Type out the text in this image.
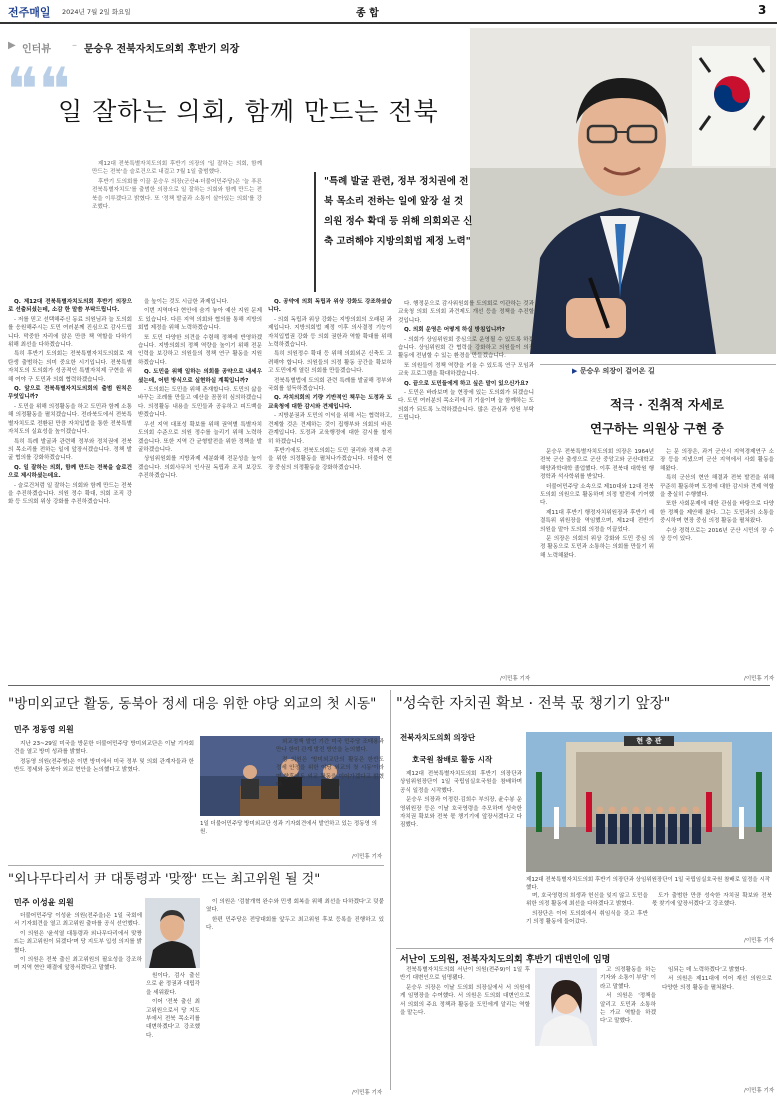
전주매일 2024년 7월 2일 화요일	종 합	3
▶ 인터뷰 – 문승우 전북자치도의회 후반기 의장
❝❝
일 잘하는 의회, 함께 만드는 전북

제12대 전북특별자치도의회 후반기 의장의 '일 잘하는 의회, 함께 만드는 전북'을 슬로건으로 내걸고 7월 1일 출범했다.

후반기 도의회를 이끌 문승우 의장(군산4·더불어민주당)은 '늘 푸른 전북특별자치도'를 출범한 의장으로 일 잘하는 의회와 함께 만드는 전북을 이루겠다고 밝혔다. 또 '정책 발굴과 소통이 살아있는 의회'를 강조했다.

"특례 발굴 관련, 정부 정치권에 전북 목소리 전하는 일에 앞장 설 것 의원 정수 확대 등 위해 의회외곤 신축 고려해야 지방의회법 제정 노력"

Q. 제12대 전북특별자치도의회 후반기 의장으로 선출되셨는데, 소감 한 말씀 부탁드립니다.

- 저를 믿고 선택해주신 동료 의원님과 늘 도의회를 응원해주시는 도민 여러분께 진심으로 감사드립니다. 막중한 자리에 앉은 만큼 책 역할을 다하기 위해 최선을 다하겠습니다.

특히 후반기 도의회는 전북특별자치도의회로 재탄생 출범하는 의미 중요한 시기입니다. 전북특별자치도의 도의회가 성공적인 특별자치제 구현을 위해 여야 구 도민과 의회 협력하겠습니다.

Q. 앞으로 전북특별자치도의회의 출범 원칙은 무엇입니까?

- 도민을 위해 의정활동을 하고 도민과 함께 소통해 의정활동을 펼치겠습니다. 전라북도에서 전북특별자치도로 전환된 만큼 자치입법을 통한 전북특별자치도의 실효성을 높이겠습니다.

특히 특례 발굴과 관련해 정부와 정치권에 전북의 목소리를 전하는 일에 앞장서겠습니다. 정책 발굴 협의를 강화하겠습니다.

Q. 일 잘하는 의회, 함께 만드는 전북을 슬로건으로 제시하셨는데요.

- 슬로건처럼 일 잘하는 의회와 함께 만드는 전북을 추진하겠습니다. 의원 정수 확대, 의회 조직 강화 등 도의회 위상 강화를 추진하겠습니다.

을 높이는 것도 시급한 과제입니다.

이번 지역마다 현안에 숨겨 놓아 예산 지원 문제도 있습니다. 다른 지역 의회와 협의를 통해 지방의회법 제정을 위해 노력하겠습니다.

또 도민 다양한 의견을 수렴해 정책에 반영하겠습니다. 지방의회의 정책 역량을 높이기 위해 전문인력을 보강하고 의원들의 정책 연구 활동을 지원하겠습니다.

Q. 도민을 위해 일하는 의회를 공약으로 내세우셨는데, 어떤 방식으로 실현하실 계획입니까?

- 도의회는 도민을 위해 존재합니다. 도민의 삶을 바꾸는 조례를 만들고 예산을 꼼꼼히 심의하겠습니다. 의정활동 내용을 도민들과 공유하고 피드백을 받겠습니다.

우선 지역 대표성 확보를 위해 권역별 특별자치도의회 수준으로 의원 정수를 늘리기 위해 노력하겠습니다. 또한 지역 간 균형발전을 위한 정책을 발굴하겠습니다.

상임위원회를 지방과제 세분화해 전문성을 높이겠습니다. 의회사무처 인사권 독립과 조직 보강도 추진하겠습니다.

Q. 공약에 의회 독립과 위상 강화도 강조하셨습니다.

- 의회 독립과 위상 강화는 지방의회의 오래된 과제입니다. 지방의회법 제정 이후 의사결정 기능이 자치입법권 강화 등 의회 권한과 역할 확대를 위해 노력하겠습니다.

특히 의원정수 확대 등 위해 의회외곤 신축도 고려해야 합니다. 의원들의 의정 활동 공간을 확보하고 도민에게 열린 의회를 만들겠습니다.

전북특별법에 도의회 관련 특례를 발굴해 정부와 국회를 설득하겠습니다.

Q. 자치의회의 기량 기반적인 책무는 도정과 도교육청에 대한 감시와 견제입니다.

- 지방분권과 도민의 이익을 위해 서는 협력하고, 견제할 것은 견제하는 것이 집행부와 의회의 바른 관계입니다. 도정과 교육행정에 대한 감시를 철저히 하겠습니다.

후반기에도 전북도의회는 도민 권리와 정책 추진을 위한 의정활동을 펼쳐나가겠습니다. 더불어 현장 중심의 의정활동을 강화하겠습니다.

다. 행정문으로 감사위원회를 도의회로 이관하는 것과 교육청 의회 도의회 과견제도 개선 등을 정책을 추진할 것입니다.

Q. 의회 운영은 어떻게 하실 방침입니까?

- 의회가 상임위원회 중심으로 운영될 수 있도록 하겠습니다. 상임위원회 간 협력을 강화하고 의원들이 의정 활동에 전념할 수 있는 환경을 만들겠습니다.

또 의원들이 정책 역량을 키울 수 있도록 연구 모임과 교육 프로그램을 확대하겠습니다.

Q. 끝으로 도민들에게 하고 싶은 말이 있으신가요?

- 도민은 바라보며 늘 현장에 있는 도의회가 되겠습니다. 도민 여러분의 목소리에 귀 기울이며 늘 함께하는 도의회가 되도록 노력하겠습니다. 많은 관심과 성원 부탁드립니다.

/이민휴 기자
▶ 문승우 의장이 걸어온 길
적극 · 진취적 자세로
연구하는 의원상 구현 중

문승우 전북특별자치도의회 의장은 1964년 전북 군산 출생으로 군산 중앙고와 군산대학교 해양과학대학 졸업했다. 이후 전북대 대학원 행정학과 석사학위를 받았다.

더불어민주당 소속으로 제10대와 12대 전북도의회 의원으로 활동하며 의정 발전에 기여했다.

제11대 후반기 행정자치위원장과 후반기 예결특위 위원장을 역임했으며, 제12대 전반기 의원을 맡아 도의회 의정을 이끌었다.

문 의장은 의회의 위상 강화와 도민 중심 의정 활동으로 도민과 소통하는 의회를 만들기 위해 노력해왔다.

는 문 의장은, 과거 군산시 지역경제연구 소장 등을 지냈으며 군산 지역에서 사회 활동을 해왔다.

특히 군산의 현안 해결과 전북 발전을 위해 꾸준히 활동하며 도정에 대한 감시와 견제 역할을 충실히 수행했다.

또한 사회문제에 대한 관심을 바탕으로 다양한 정책을 제안해 왔다. 그는 도민과의 소통을 중시하며 현장 중심 의정 활동을 펼쳐왔다.

수상 경력으로는 2016년 군산 시민의 장 수상 등이 있다.

/이민휴 기자
"방미외교단 활동, 동북아 정세 대응 위한 야당 외교의 첫 시동"
민주 정동영 의원
1일 더불어민주당 방미외교단 성과 기자회견에서 발언하고 있는 정동영 의원.

지난 23~29일 미국을 방문한 더불어민주당 방미외교단은 이날 기자회견을 열고 방미 성과를 밝혔다.

정동영 의원(전주병)은 이번 방미에서 미국 정부 및 의회 관계자들과 한반도 정세와 동북아 외교 현안을 논의했다고 밝혔다.

외교정책 발언 기간 미국 민주당 조태용과 만나 한미 관계 발전 방안을 논의했다.

정 의원은 '방미외교단의 활동은 한반도 정세 안정을 위한 야당 외교의 첫 시동'이라며 향후에도 외교 활동을 이어가겠다고 밝혔다.

/이민휴 기자
"외나무다리서 尹 대통령과 '맞짱' 뜨는 최고위원 될 것"
민주 이성윤 의원

더불어민주당 이성윤 의원(전주을)은 1일 국회에서 기자회견을 열고 최고위원 출마를 공식 선언했다.

이 의원은 '윤석열 대통령과 외나무다리에서 맞짱 뜨는 최고위원이 되겠다'며 당 지도부 입성 의지를 밝혔다.

이 의원은 전북 출신 최고위원의 필요성을 강조하며 지역 현안 해결에 앞장서겠다고 말했다.

원이다, 검사 출신으로 윤 정권과 대립각을 세워왔다.

이어 '전북 출신 최고위원으로서 당 지도부에서 전북 목소리를 대변하겠다'고 강조했다.

이 의원은 '검찰개혁 완수와 민생 회복을 위해 최선을 다하겠다'고 덧붙였다.

한편 민주당은 전당대회를 앞두고 최고위원 후보 등록을 진행하고 있다.

/이민휴 기자
"성숙한 자치권 확보 · 전북 몫 챙기기 앞장"
전북자치도의회 의장단
호국원 참배로 활동 시작
현 충 관
제12대 전북특별자치도의회 후반기 의장단과 상임위원장단이 1일 국립임실호국원 참배로 일정을 시작했다.

제12대 전북특별자치도의회 후반기 의장단과 상임위원장단이 1일 국립임실호국원을 참배하며 공식 일정을 시작했다.

문승우 의장과 이정린·김희수 부의장, 윤수봉 운영위원장 등은 이날 호국영령을 추모하며 성숙한 자치권 확보와 전북 몫 챙기기에 앞장서겠다고 다짐했다.

며, 호국영령의 희생과 헌신을 잊지 않고 도민을 위한 의정 활동에 최선을 다하겠다고 밝혔다.

의장단은 이어 도의회에서 취임식을 갖고 후반기 의정 활동에 들어갔다.

도가 출범한 만큼 성숙한 자치권 확보와 전북 몫 찾기에 앞장서겠다'고 강조했다.

/이민휴 기자
서난이 도의원, 전북자치도의회 후반기 대변인에 임명

전북특별자치도의회 서난이 의원(전주9)이 1일 후반기 대변인으로 임명됐다.

문승우 의장은 이날 도의회 의장실에서 서 의원에게 임명장을 수여했다. 서 의원은 도의회 대변인으로서 의회의 주요 정책과 활동을 도민에게 알리는 역할을 맡는다.

고 의정활동을 하는 기자와 소통이 부담' 이라고 말했다.

서 의원은 '정책을 알리고 도민과 소통하는 가교 역할을 하겠다'고 말했다.

임되는 데 노력하겠다'고 밝혔다.

서 의원은 제11대에 이어 재선 의원으로 다양한 의정 활동을 펼쳐왔다.

/이민휴 기자
